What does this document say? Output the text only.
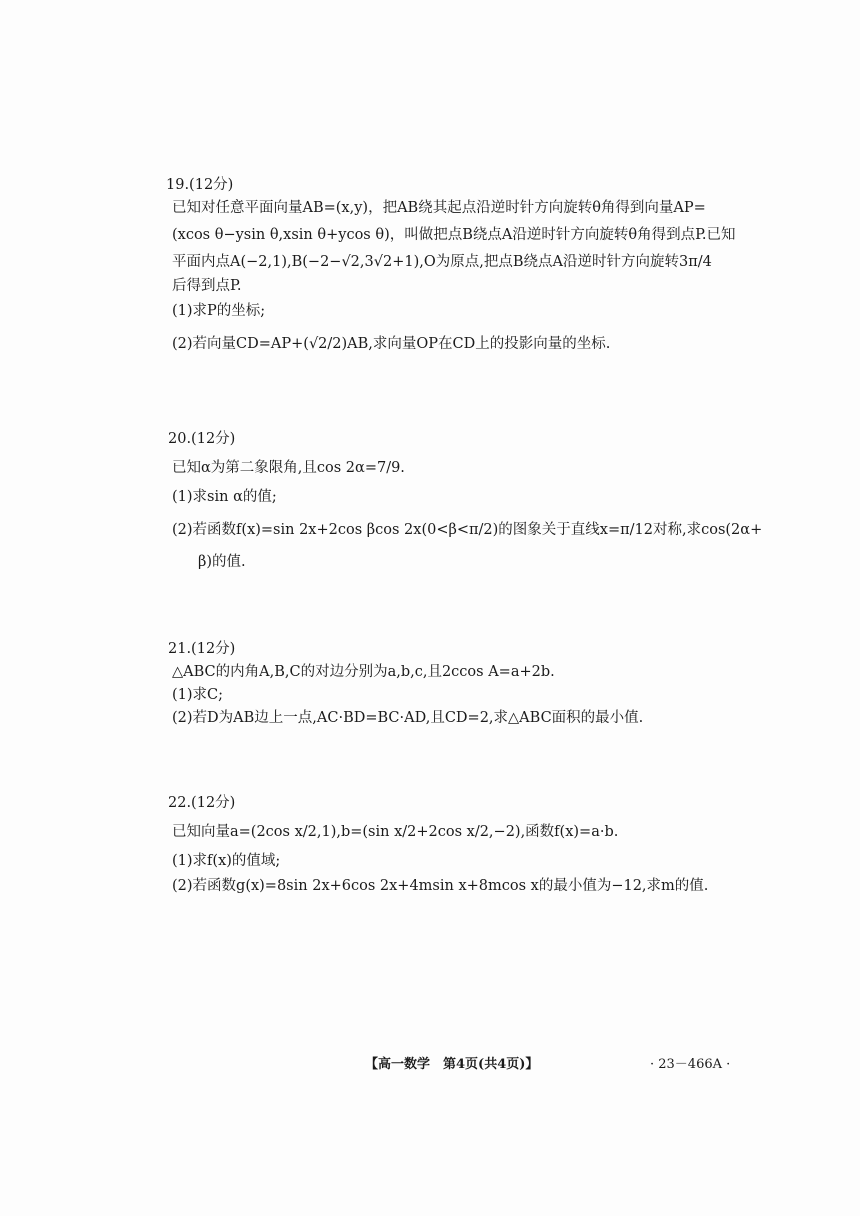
19.(12分)
已知对任意平面向量AB=(x,y)，把AB绕其起点沿逆时针方向旋转θ角得到向量AP=
(xcos θ−ysin θ,xsin θ+ycos θ)，叫做把点B绕点A沿逆时针方向旋转θ角得到点P.已知
平面内点A(−2,1),B(−2−√2,3√2+1),O为原点,把点B绕点A沿逆时针方向旋转3π/4
后得到点P.
(1)求P的坐标;
(2)若向量CD=AP+(√2/2)AB,求向量OP在CD上的投影向量的坐标.
20.(12分)
已知α为第二象限角,且cos 2α=7/9.
(1)求sin α的值;
(2)若函数f(x)=sin 2x+2cos βcos 2x(0<β<π/2)的图象关于直线x=π/12对称,求cos(2α+
β)的值.
21.(12分)
△ABC的内角A,B,C的对边分别为a,b,c,且2ccos A=a+2b.
(1)求C;
(2)若D为AB边上一点,AC·BD=BC·AD,且CD=2,求△ABC面积的最小值.
22.(12分)
已知向量a=(2cos x/2,1),b=(sin x/2+2cos x/2,−2),函数f(x)=a·b.
(1)求f(x)的值域;
(2)若函数g(x)=8sin 2x+6cos 2x+4msin x+8mcos x的最小值为−12,求m的值.
【高一数学　第4页(共4页)】	· 23－466A ·
